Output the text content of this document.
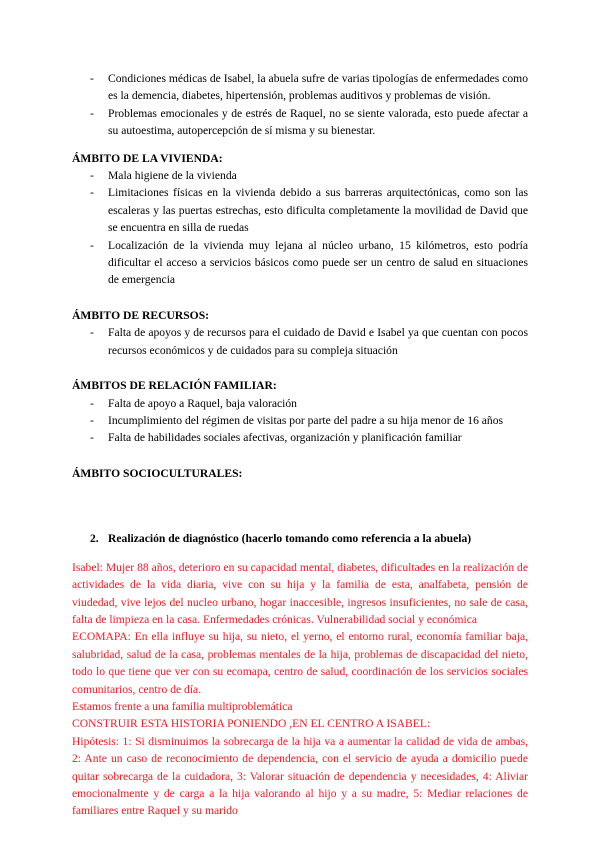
- Condiciones médicas de Isabel, la abuela sufre de varias tipologías de enfermedades como es la demencia, diabetes, hipertensión, problemas auditivos y problemas de visión.
- Problemas emocionales y de estrés de Raquel, no se siente valorada, esto puede afectar a su autoestima, autopercepción de sí misma y su bienestar.

ÁMBITO DE LA VIVIENDA:

- Mala higiene de la vivienda
- Limitaciones físicas en la vivienda debido a sus barreras arquitectónicas, como son las escaleras y las puertas estrechas, esto dificulta completamente la movilidad de David que se encuentra en silla de ruedas
- Localización de la vivienda muy lejana al núcleo urbano, 15 kilómetros, esto podría dificultar el acceso a servicios básicos como puede ser un centro de salud en situaciones de emergencia

ÁMBITO DE RECURSOS:

- Falta de apoyos y de recursos para el cuidado de David e Isabel ya que cuentan con pocos recursos económicos y de cuidados para su compleja situación

ÁMBITOS DE RELACIÓN FAMILIAR:

- Falta de apoyo a Raquel, baja valoración
- Incumplimiento del régimen de visitas por parte del padre a su hija menor de 16 años
- Falta de habilidades sociales afectivas, organización y planificación familiar

ÁMBITO SOCIOCULTURALES:

2. Realización de diagnóstico (hacerlo tomando como referencia a la abuela)

Isabel: Mujer 88 años, deterioro en su capacidad mental, diabetes, dificultades en la realización de actividades de la vida diaria, vive con su hija y la familia de esta, analfabeta, pensión de viudedad, vive lejos del nucleo urbano, hogar inaccesible, ingresos insuficientes, no sale de casa, falta de limpieza en la casa. Enfermedades crónicas. Vulnerabilidad social y económica

ECOMAPA: En ella influye su hija, su nieto, el yerno, el entorno rural, economía familiar baja, salubridad, salud de la casa, problemas mentales de la hija, problemas de discapacidad del nieto, todo lo que tiene que ver con su ecomapa, centro de salud, coordinación de los servicios sociales comunitarios, centro de día.

Estamos frente a una familia multiproblemática

CONSTRUIR ESTA HISTORIA PONIENDO ,EN EL CENTRO A ISABEL:

Hipótesis: 1: Si disminuimos la sobrecarga de la hija va a aumentar la calidad de vida de ambas, 2: Ante un caso de reconocimiento de dependencia, con el servicio de ayuda a domicilio puede quitar sobrecarga de la cuidadora, 3: Valorar situación de dependencia y necesidades, 4: Aliviar emocionalmente y de carga a la hija valorando al hijo y a su madre, 5: Mediar relaciones de familiares entre Raquel y su marido
